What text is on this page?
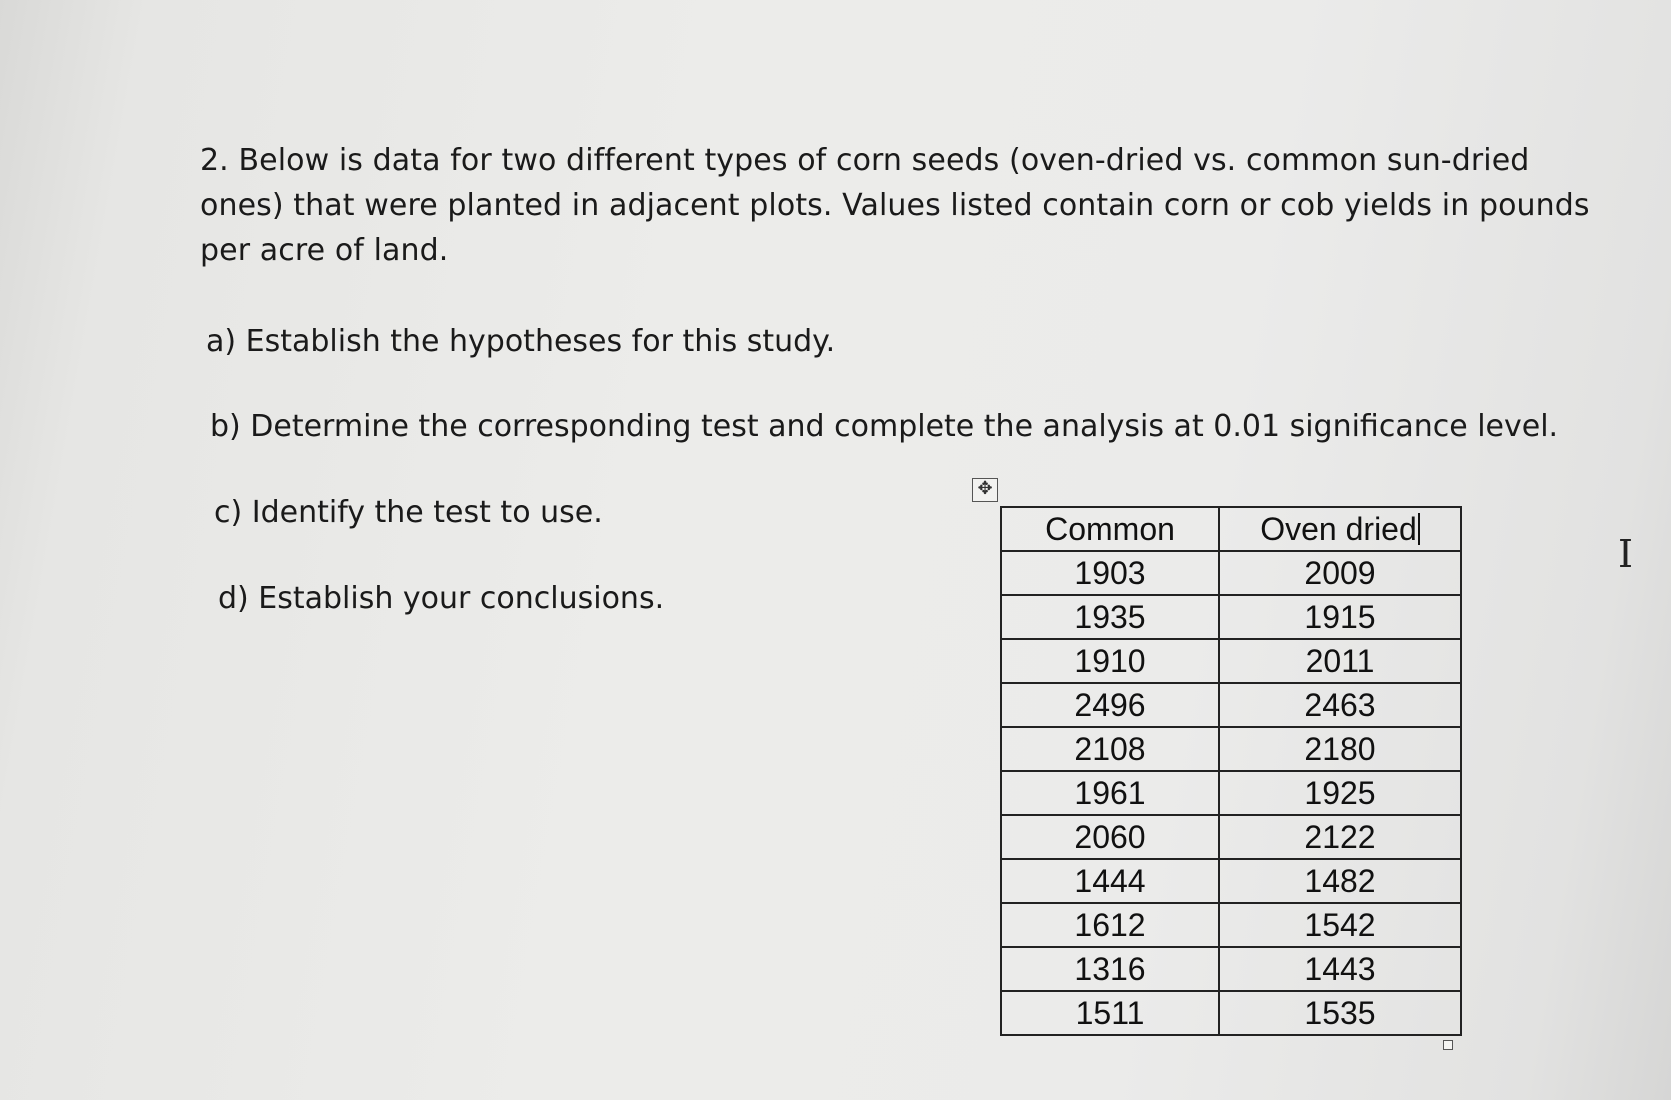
2. Below is data for two different types of corn seeds (oven-dried vs. common sun-dried ones) that were planted in adjacent plots. Values listed contain corn or cob yields in pounds per acre of land.
a) Establish the hypotheses for this study.
b) Determine the corresponding test and complete the analysis at 0.01 significance level.
c) Identify the test to use.
d) Establish your conclusions.
✥
Common	Oven dried
1903	2009
1935	1915
1910	2011
2496	2463
2108	2180
1961	1925
2060	2122
1444	1482
1612	1542
1316	1443
1511	1535
I
